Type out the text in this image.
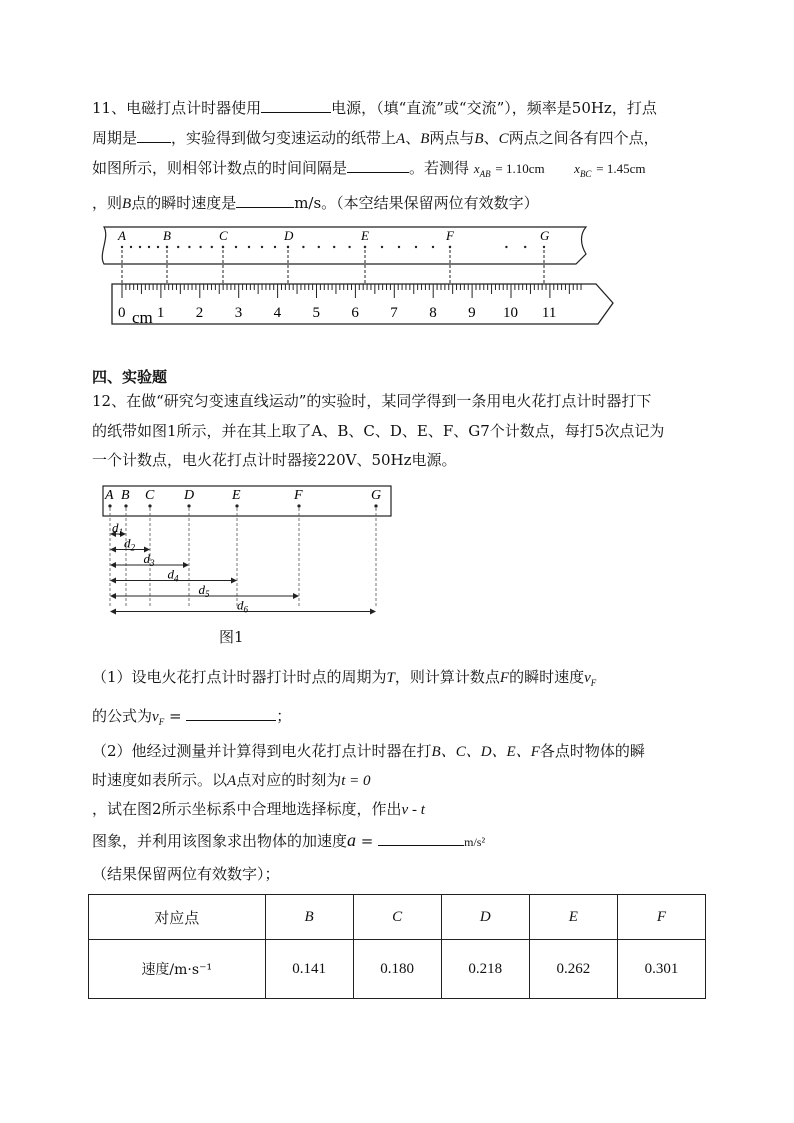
11、电磁打点计时器使用	电源，（填“直流”或“交流”），频率是50Hz，打点
周期是 ，实验得到做匀变速运动的纸带上A、B两点与B、C两点之间各有四个点，
如图所示，则相邻计数点的时间间隔是	。若测得 $x_{AB} = 1.10cm$ $x_{BC} = 1.45cm$
，则B点的瞬时速度是	m/s。（本空结果保留两位有效数字）
A	B	C	D	E	F	G
0 1 2 3 4 5 6 7 8 9 10 11
cm
四、实验题
12、在做“研究匀变速直线运动”的实验时，某同学得到一条用电火花打点计时器打下
的纸带如图1所示，并在其上取了A、B、C、D、E、F、G7个计数点，每打5次点记为
一个计数点，电火花打点计时器接220V、50Hz电源。
A B C D	E	F	G
$d_1$
$d_2$
$d_3$
$d_4$
$d_5$
$d_6$
图1
（1）设电火花打点计时器打计时点的周期为T，则计算计数点F的瞬时速度$v_F$
的公式为$v_F$ =	；
（2）他经过测量并计算得到电火花打点计时器在打B、C、D、E、F各点时物体的瞬
时速度如表所示。以A点对应的时刻为t = 0
，试在图2所示坐标系中合理地选择标度，作出v - t
图象，并利用该图象求出物体的加速度a =	m/s²
（结果保留两位有效数字）；
对应点	B	C	D	E	F
速度/m·s⁻¹	0.141	0.180	0.218	0.262	0.301
